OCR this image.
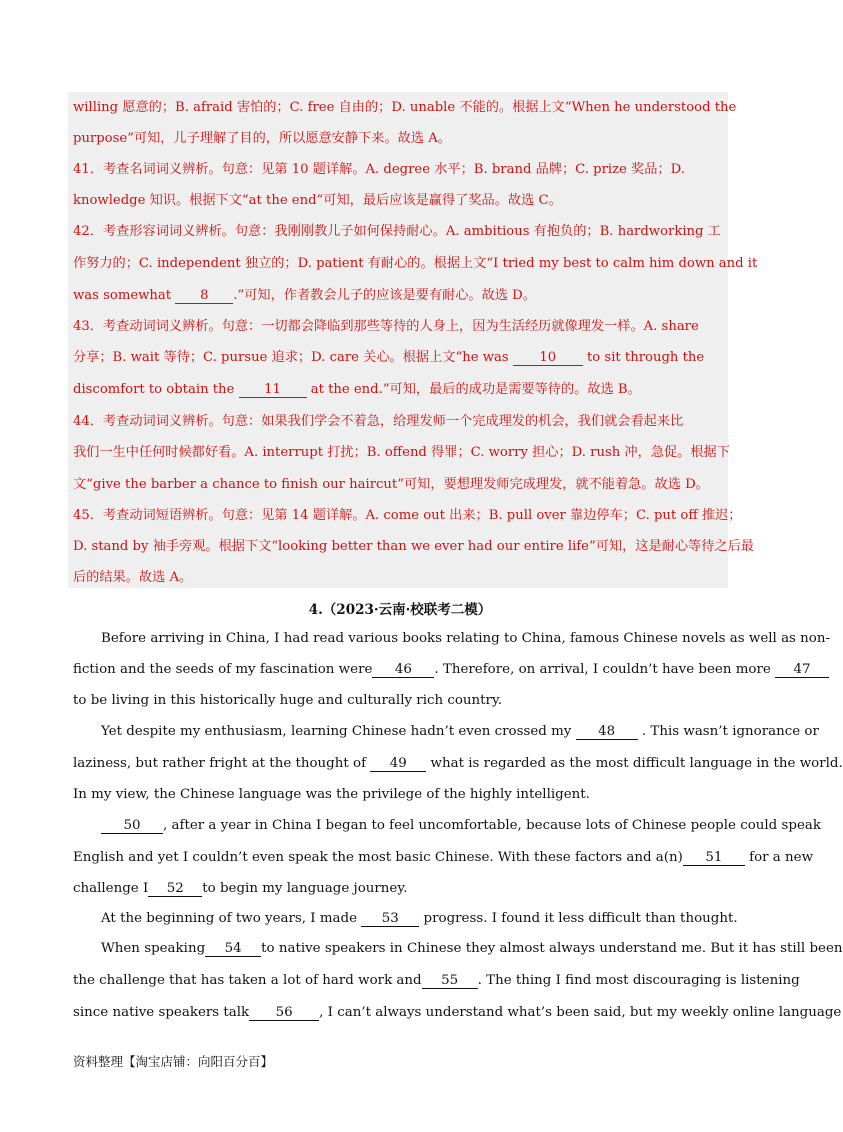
willing 愿意的；B. afraid 害怕的；C. free 自由的；D. unable 不能的。根据上文“When he understood the
purpose”可知，儿子理解了目的，所以愿意安静下来。故选 A。
41．考查名词词义辨析。句意：见第 10 题详解。A. degree 水平；B. brand 品牌；C. prize 奖品；D.
knowledge 知识。根据下文“at the end”可知，最后应该是赢得了奖品。故选 C。
42．考查形容词词义辨析。句意：我刚刚教儿子如何保持耐心。A. ambitious 有抱负的；B. hardworking 工
作努力的；C. independent 独立的；D. patient 有耐心的。根据上文“I tried my best to calm him down and it
was somewhat 8 .”可知，作者教会儿子的应该是要有耐心。故选 D。
43．考查动词词义辨析。句意：一切都会降临到那些等待的人身上，因为生活经历就像理发一样。A. share
分享；B. wait 等待；C. pursue 追求；D. care 关心。根据上文“he was 10 to sit through the
discomfort to obtain the 11 at the end.”可知，最后的成功是需要等待的。故选 B。
44．考查动词词义辨析。句意：如果我们学会不着急，给理发师一个完成理发的机会，我们就会看起来比
我们一生中任何时候都好看。A. interrupt 打扰；B. offend 得罪；C. worry 担心；D. rush 冲，急促。根据下
文“give the barber a chance to finish our haircut”可知，要想理发师完成理发，就不能着急。故选 D。
45．考查动词短语辨析。句意：见第 14 题详解。A. come out 出来；B. pull over 靠边停车；C. put off 推迟；
D. stand by 袖手旁观。根据下文“looking better than we ever had our entire life”可知，这是耐心等待之后最
后的结果。故选 A。
4.（2023·云南·校联考二模）
Before arriving in China, I had read various books relating to China, famous Chinese novels as well as non-
fiction and the seeds of my fascination were 46 . Therefore, on arrival, I couldn’t have been more 47
to be living in this historically huge and culturally rich country.
Yet despite my enthusiasm, learning Chinese hadn’t even crossed my 48 . This wasn’t ignorance or
laziness, but rather fright at the thought of 49 what is regarded as the most difficult language in the world.
In my view, the Chinese language was the privilege of the highly intelligent.
50 , after a year in China I began to feel uncomfortable, because lots of Chinese people could speak
English and yet I couldn’t even speak the most basic Chinese. With these factors and a(n) 51 for a new
challenge I 52 to begin my language journey.
At the beginning of two years, I made 53 progress. I found it less difficult than thought.
When speaking 54 to native speakers in Chinese they almost always understand me. But it has still been
the challenge that has taken a lot of hard work and 55 . The thing I find most discouraging is listening
since native speakers talk 56 , I can’t always understand what’s been said, but my weekly online language
资料整理【淘宝店铺：向阳百分百】
